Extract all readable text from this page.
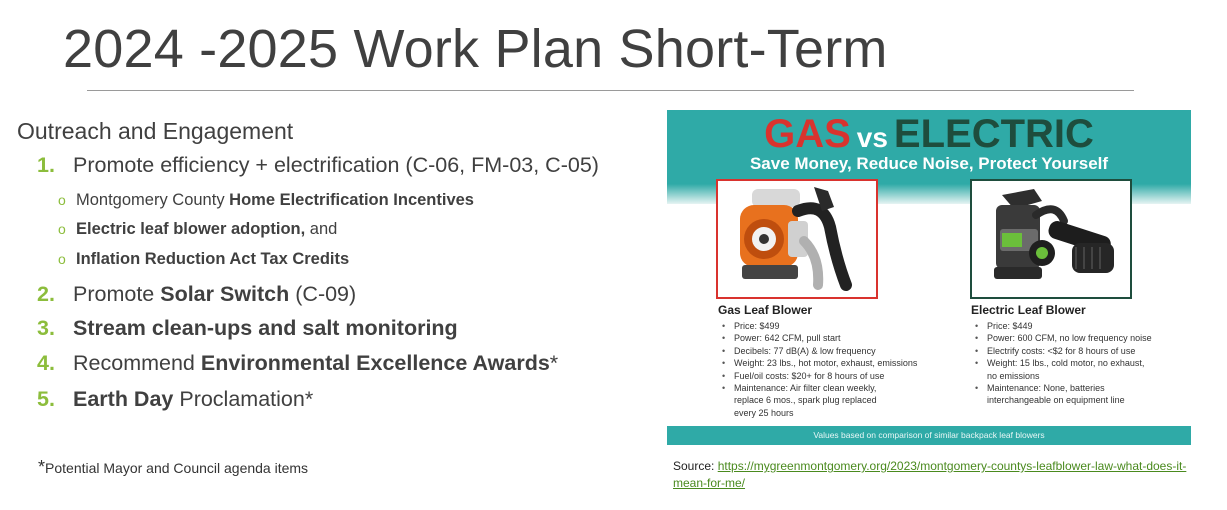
2024 -2025 Work Plan Short-Term
Outreach and Engagement
1. Promote efficiency + electrification (C-06, FM-03, C-05)
o Montgomery County Home Electrification Incentives
o Electric leaf blower adoption, and
o Inflation Reduction Act Tax Credits
2. Promote Solar Switch (C-09)
3. Stream clean-ups and salt monitoring
4. Recommend Environmental Excellence Awards*
5. Earth Day Proclamation*
*Potential Mayor and Council agenda items
GAS vs ELECTRIC
Save Money, Reduce Noise, Protect Yourself
Gas Leaf Blower
• Price: $499
• Power: 642 CFM, pull start
• Decibels: 77 dB(A) & low frequency
• Weight: 23 lbs., hot motor, exhaust, emissions
• Fuel/oil costs: $20+ for 8 hours of use
• Maintenance: Air filter clean weekly,
replace 6 mos., spark plug replaced
every 25 hours
Electric Leaf Blower
• Price: $449
• Power: 600 CFM, no low frequency noise
• Electrify costs: <$2 for 8 hours of use
• Weight: 15 lbs., cold motor, no exhaust,
no emissions
• Maintenance: None, batteries
interchangeable on equipment line
Values based on comparison of similar backpack leaf blowers
Source: https://mygreenmontgomery.org/2023/montgomery-countys-leafblower-law-what-does-it-mean-for-me/
